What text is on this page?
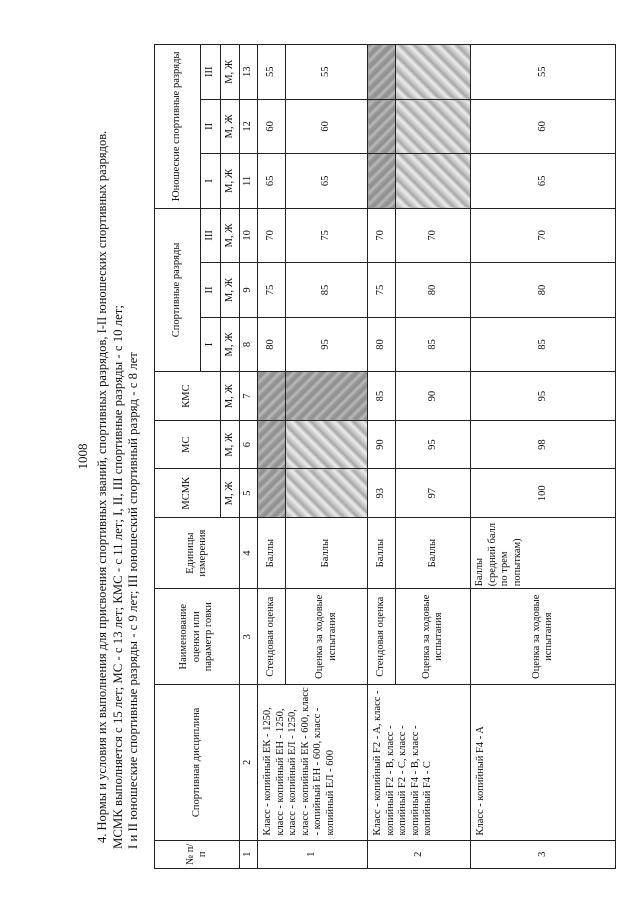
1008 4. Нормы и условия их выполнения для присвоения спортивных званий, спортивных разрядов, I-II юношеских спортивных разрядов. МСМК выполняется с 15 лет; МС - с 13 лет; КМС - с 11 лет; I, II, III спортивные разряды - с 10 лет; I и II юношеские спортивные разряды - с 9 лет; III юношеский спортивный разряд - с 8 лет

№ п/п	Спортивная дисциплина	Наименование оценки или параметр говки	Единицы измерения	МСМК	МС	КМС	Спортивные разряды			Юношеские спортивные разряды		
							I	II	III	I	II	III
				М, Ж	М, Ж	М, Ж	М, Ж	М, Ж	М, Ж	М, Ж	М, Ж	М, Ж
1	2	3	4	5	6	7	8	9	10	11	12	13
1	Класс - копийный ЕК - 1250, класс - копийный ЕН - 1250, класс - копийный ЕЛ - 1250, класс - копийный ЕК - 600, класс - копийный ЕН - 600, класс - копийный ЕЛ - 600	Стендовая оценка	Баллы				80	75	70	65	60	55
		Оценка за ходовые испытания	Баллы				95	85	75	65	60	55
2	Класс - копийный F2 - A, класс - копийный F2 - B, класс - копийный F2 - C, класс - копийный F4 - B, класс - копийный F4 - C	Стендовая оценка	Баллы	93	90	85	80	75	70			
		Оценка за ходовые испытания	Баллы	97	95	90	85	80	70			
3	Класс - копийный F4 - A	Оценка за ходовые испытания	Баллы (средний балл по трем попыткам)	100	98	95	85	80	70	65	60	55
